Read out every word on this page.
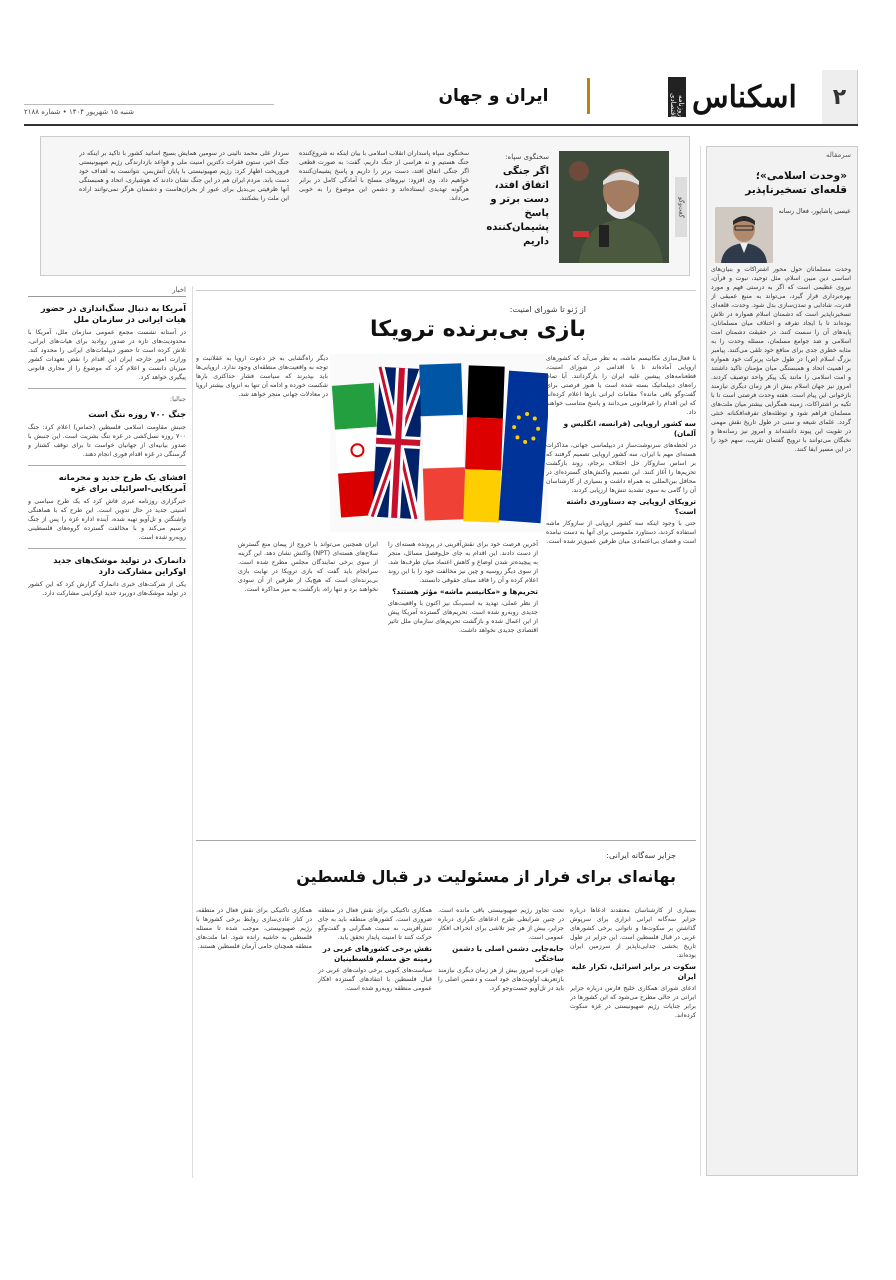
۲
اسکناس
روزنامه اقتصادی
ایران و جهان
شنبه ۱۵ شهریور ۱۴۰۴ • شماره ۲۱۸۸
سرمقاله
«وحدت اسلامی»؛ قلعه‌ای تسخیرناپذیر
عیسی پاشاپور، فعال رسانه
وحدت مسلمانان حول محور اشتراکات و بنیان‌های اساسی دین مبین اسلام، مثل توحید، نبوت و قرآن، نیروی عظیمی است که اگر به درستی فهم و مورد بهره‌برداری قرار گیرد، می‌تواند به منبع عمیقی از قدرت، شادابی و تمدن‌سازی بدل شود. وحدت، قلعه‌ای تسخیرناپذیر است که دشمنان اسلام همواره در تلاش بوده‌اند تا با ایجاد تفرقه و اختلاف میان مسلمانان، پایه‌های آن را سست کنند. در حقیقت دشمنان امت اسلامی و ضد جوامع مسلمان، مسئله وحدت را به مثابه خطری جدی برای منافع خود تلقی می‌کنند. پیامبر بزرگ اسلام (ص) در طول حیات پربرکت خود همواره بر اهمیت اتحاد و همبستگی میان مؤمنان تاکید داشتند و امت اسلامی را مانند یک پیکر واحد توصیف کردند. امروز نیز جهان اسلام بیش از هر زمان دیگری نیازمند بازخوانی این پیام است. هفته وحدت فرصتی است تا با تکیه بر اشتراکات، زمینه همگرایی بیشتر میان ملت‌های مسلمان فراهم شود و توطئه‌های تفرقه‌افکنانه خنثی گردد. علمای شیعه و سنی در طول تاریخ نقش مهمی در تقویت این پیوند داشته‌اند و امروز نیز رسانه‌ها و نخبگان می‌توانند با ترویج گفتمان تقریب، سهم خود را در این مسیر ایفا کنند.
گفت‌وگو
سخنگوی سپاه:
اگر جنگی اتفاق افتد، دست برتر و پاسخ پشیمان‌کننده داریم
سخنگوی سپاه پاسداران انقلاب اسلامی با بیان اینکه نه شروع‌کننده جنگ هستیم و نه هراسی از جنگ داریم، گفت: به صورت قطعی اگر جنگی اتفاق افتد، دست برتر را داریم و پاسخ پشیمان‌کننده خواهیم داد. وی افزود: نیروهای مسلح با آمادگی کامل در برابر هرگونه تهدیدی ایستاده‌اند و دشمن این موضوع را به خوبی می‌داند.
سردار علی محمد نائینی در سومین همایش بسیج اساتید کشور با تاکید بر اینکه در جنگ اخیر، ستون فقرات دکترین امنیت ملی و قواعد بازدارندگی رژیم صهیونیستی فروریخت اظهار کرد: رژیم صهیونیستی با پایان آتش‌بس، نتوانست به اهداف خود دست یابد. مردم ایران هم در این جنگ نشان دادند که هوشیاری، اتحاد و همبستگی آنها ظرفیتی بی‌بدیل برای عبور از بحران‌هاست و دشمنان هرگز نمی‌توانند اراده این ملت را بشکنند.
از ژنو تا شورای امنیت:
بازی بی‌برنده ترویکا
با فعال‌سازی مکانیسم ماشه، به نظر می‌آید که کشورهای اروپایی آماده‌اند تا با اقدامی در شورای امنیت، قطعنامه‌های پیشین علیه ایران را بازگردانند. آیا تمام راه‌های دیپلماتیک بسته شده است یا هنوز فرصتی برای گفت‌وگو باقی مانده؟ مقامات ایرانی بارها اعلام کرده‌اند که این اقدام را غیرقانونی می‌دانند و پاسخ متناسب خواهند داد.
سه کشور اروپایی (فرانسه، انگلیس و آلمان)
در لحظه‌های سرنوشت‌ساز در دیپلماسی جهانی، مذاکرات هسته‌ای مهم با ایران، سه کشور اروپایی تصمیم گرفتند که بر اساس سازوکار حل اختلاف برجام، روند بازگشت تحریم‌ها را آغاز کنند. این تصمیم واکنش‌های گسترده‌ای در محافل بین‌المللی به همراه داشت و بسیاری از کارشناسان آن را گامی به سوی تشدید تنش‌ها ارزیابی کردند.
ترویکای اروپایی چه دستاوردی داشته است؟
حتی با وجود اینکه سه کشور اروپایی از سازوکار ماشه استفاده کردند، دستاورد ملموسی برای آنها به دست نیامده است و فضای بی‌اعتمادی میان طرفین عمیق‌تر شده است.
آخرین فرصت خود برای نقش‌آفرینی در پرونده هسته‌ای را از دست دادند. این اقدام به جای حل‌وفصل مسائل، منجر به پیچیده‌تر شدن اوضاع و کاهش اعتماد میان طرف‌ها شد. از سوی دیگر روسیه و چین نیز مخالفت خود را با این روند اعلام کرده و آن را فاقد مبنای حقوقی دانستند.
تحریم‌ها و «مکانیسم ماشه» مؤثر هستند؟
از نظر عملی، تهدید به اسنپ‌بک نیز اکنون با واقعیت‌های جدیدی روبه‌رو شده است. تحریم‌های گسترده آمریکا پیش از این اعمال شده و بازگشت تحریم‌های سازمان ملل تاثیر اقتصادی جدیدی نخواهد داشت.
دیگر راه‌گشایی به جز دعوت اروپا به عقلانیت و توجه به واقعیت‌های منطقه‌ای وجود ندارد. اروپایی‌ها باید بپذیرند که سیاست فشار حداکثری بارها شکست خورده و ادامه آن تنها به انزوای بیشتر اروپا در معادلات جهانی منجر خواهد شد.
ایران همچنین می‌تواند با خروج از پیمان منع گسترش سلاح‌های هسته‌ای (NPT) واکنش نشان دهد. این گزینه از سوی برخی نمایندگان مجلس مطرح شده است. سرانجام باید گفت که بازی ترویکا در نهایت بازی بی‌برنده‌ای است که هیچ‌یک از طرفین از آن سودی نخواهند برد و تنها راه، بازگشت به میز مذاکره است.
اخبار
آمریکا به دنبال سنگ‌اندازی در حضور هیات ایرانی در سازمان ملل
در آستانه نشست مجمع عمومی سازمان ملل، آمریکا با محدودیت‌های تازه در صدور روادید برای هیات‌های ایرانی، تلاش کرده است تا حضور دیپلمات‌های ایرانی را محدود کند. وزارت امور خارجه ایران این اقدام را نقض تعهدات کشور میزبان دانست و اعلام کرد که موضوع را از مجاری قانونی پیگیری خواهد کرد.
جبالیا:
جنگ ۷۰۰ روزه ننگ است
جنبش مقاومت اسلامی فلسطین (حماس) اعلام کرد: جنگ ۷۰۰ روزه نسل‌کشی در غزه ننگ بشریت است. این جنبش با صدور بیانیه‌ای از جهانیان خواست تا برای توقف کشتار و گرسنگی در غزه اقدام فوری انجام دهند.
افشای یک طرح جدید و محرمانه آمریکایی-اسرائیلی برای غزه
خبرگزاری روزنامه عبری فاش کرد که یک طرح سیاسی و امنیتی جدید در حال تدوین است. این طرح که با هماهنگی واشنگتن و تل‌آویو تهیه شده، آینده اداره غزه را پس از جنگ ترسیم می‌کند و با مخالفت گسترده گروه‌های فلسطینی روبه‌رو شده است.
دانمارک در تولید موشک‌های جدید اوکراین مشارکت دارد
یکی از شرکت‌های خبری دانمارک گزارش کرد که این کشور در تولید موشک‌های دوربرد جدید اوکراینی مشارکت دارد.
جزایر سه‌گانه ایرانی:
بهانه‌ای برای فرار از مسئولیت در قبال فلسطین
بسیاری از کارشناسان معتقدند ادعاها درباره جزایر سه‌گانه ایرانی ابزاری برای سرپوش گذاشتن بر سکوت‌ها و ناتوانی برخی کشورهای عربی در قبال فلسطین است. این جزایر در طول تاریخ بخشی جدایی‌ناپذیر از سرزمین ایران بوده‌اند.
سکوت در برابر اسرائیل، تکرار علیه ایران
ادعای شورای همکاری خلیج فارس درباره جزایر ایرانی در حالی مطرح می‌شود که این کشورها در برابر جنایات رژیم صهیونیستی در غزه سکوت کرده‌اند.
تحت تجاوز رژیم صهیونیستی باقی مانده است. در چنین شرایطی طرح ادعاهای تکراری درباره جزایر، بیش از هر چیز تلاشی برای انحراف افکار عمومی است.
جابه‌جایی دشمن اصلی با دشمن ساختگی
جهان عرب امروز بیش از هر زمان دیگری نیازمند بازتعریف اولویت‌های خود است و دشمن اصلی را باید در تل‌آویو جست‌وجو کرد.
همکاری تاکتیکی برای نقش فعال در منطقه ضروری است. کشورهای منطقه باید به جای تنش‌آفرینی، به سمت همگرایی و گفت‌وگو حرکت کنند تا امنیت پایدار تحقق یابد.
نقش برخی کشورهای عربی در زمینه حق مسلم فلسطینیان
سیاست‌های کنونی برخی دولت‌های عربی در قبال فلسطین با انتقادهای گسترده افکار عمومی منطقه روبه‌رو شده است.
همکاری تاکتیکی برای نقش فعال در منطقه، در کنار عادی‌سازی روابط برخی کشورها با رژیم صهیونیستی، موجب شده تا مسئله فلسطین به حاشیه رانده شود. اما ملت‌های منطقه همچنان حامی آرمان فلسطین هستند.
